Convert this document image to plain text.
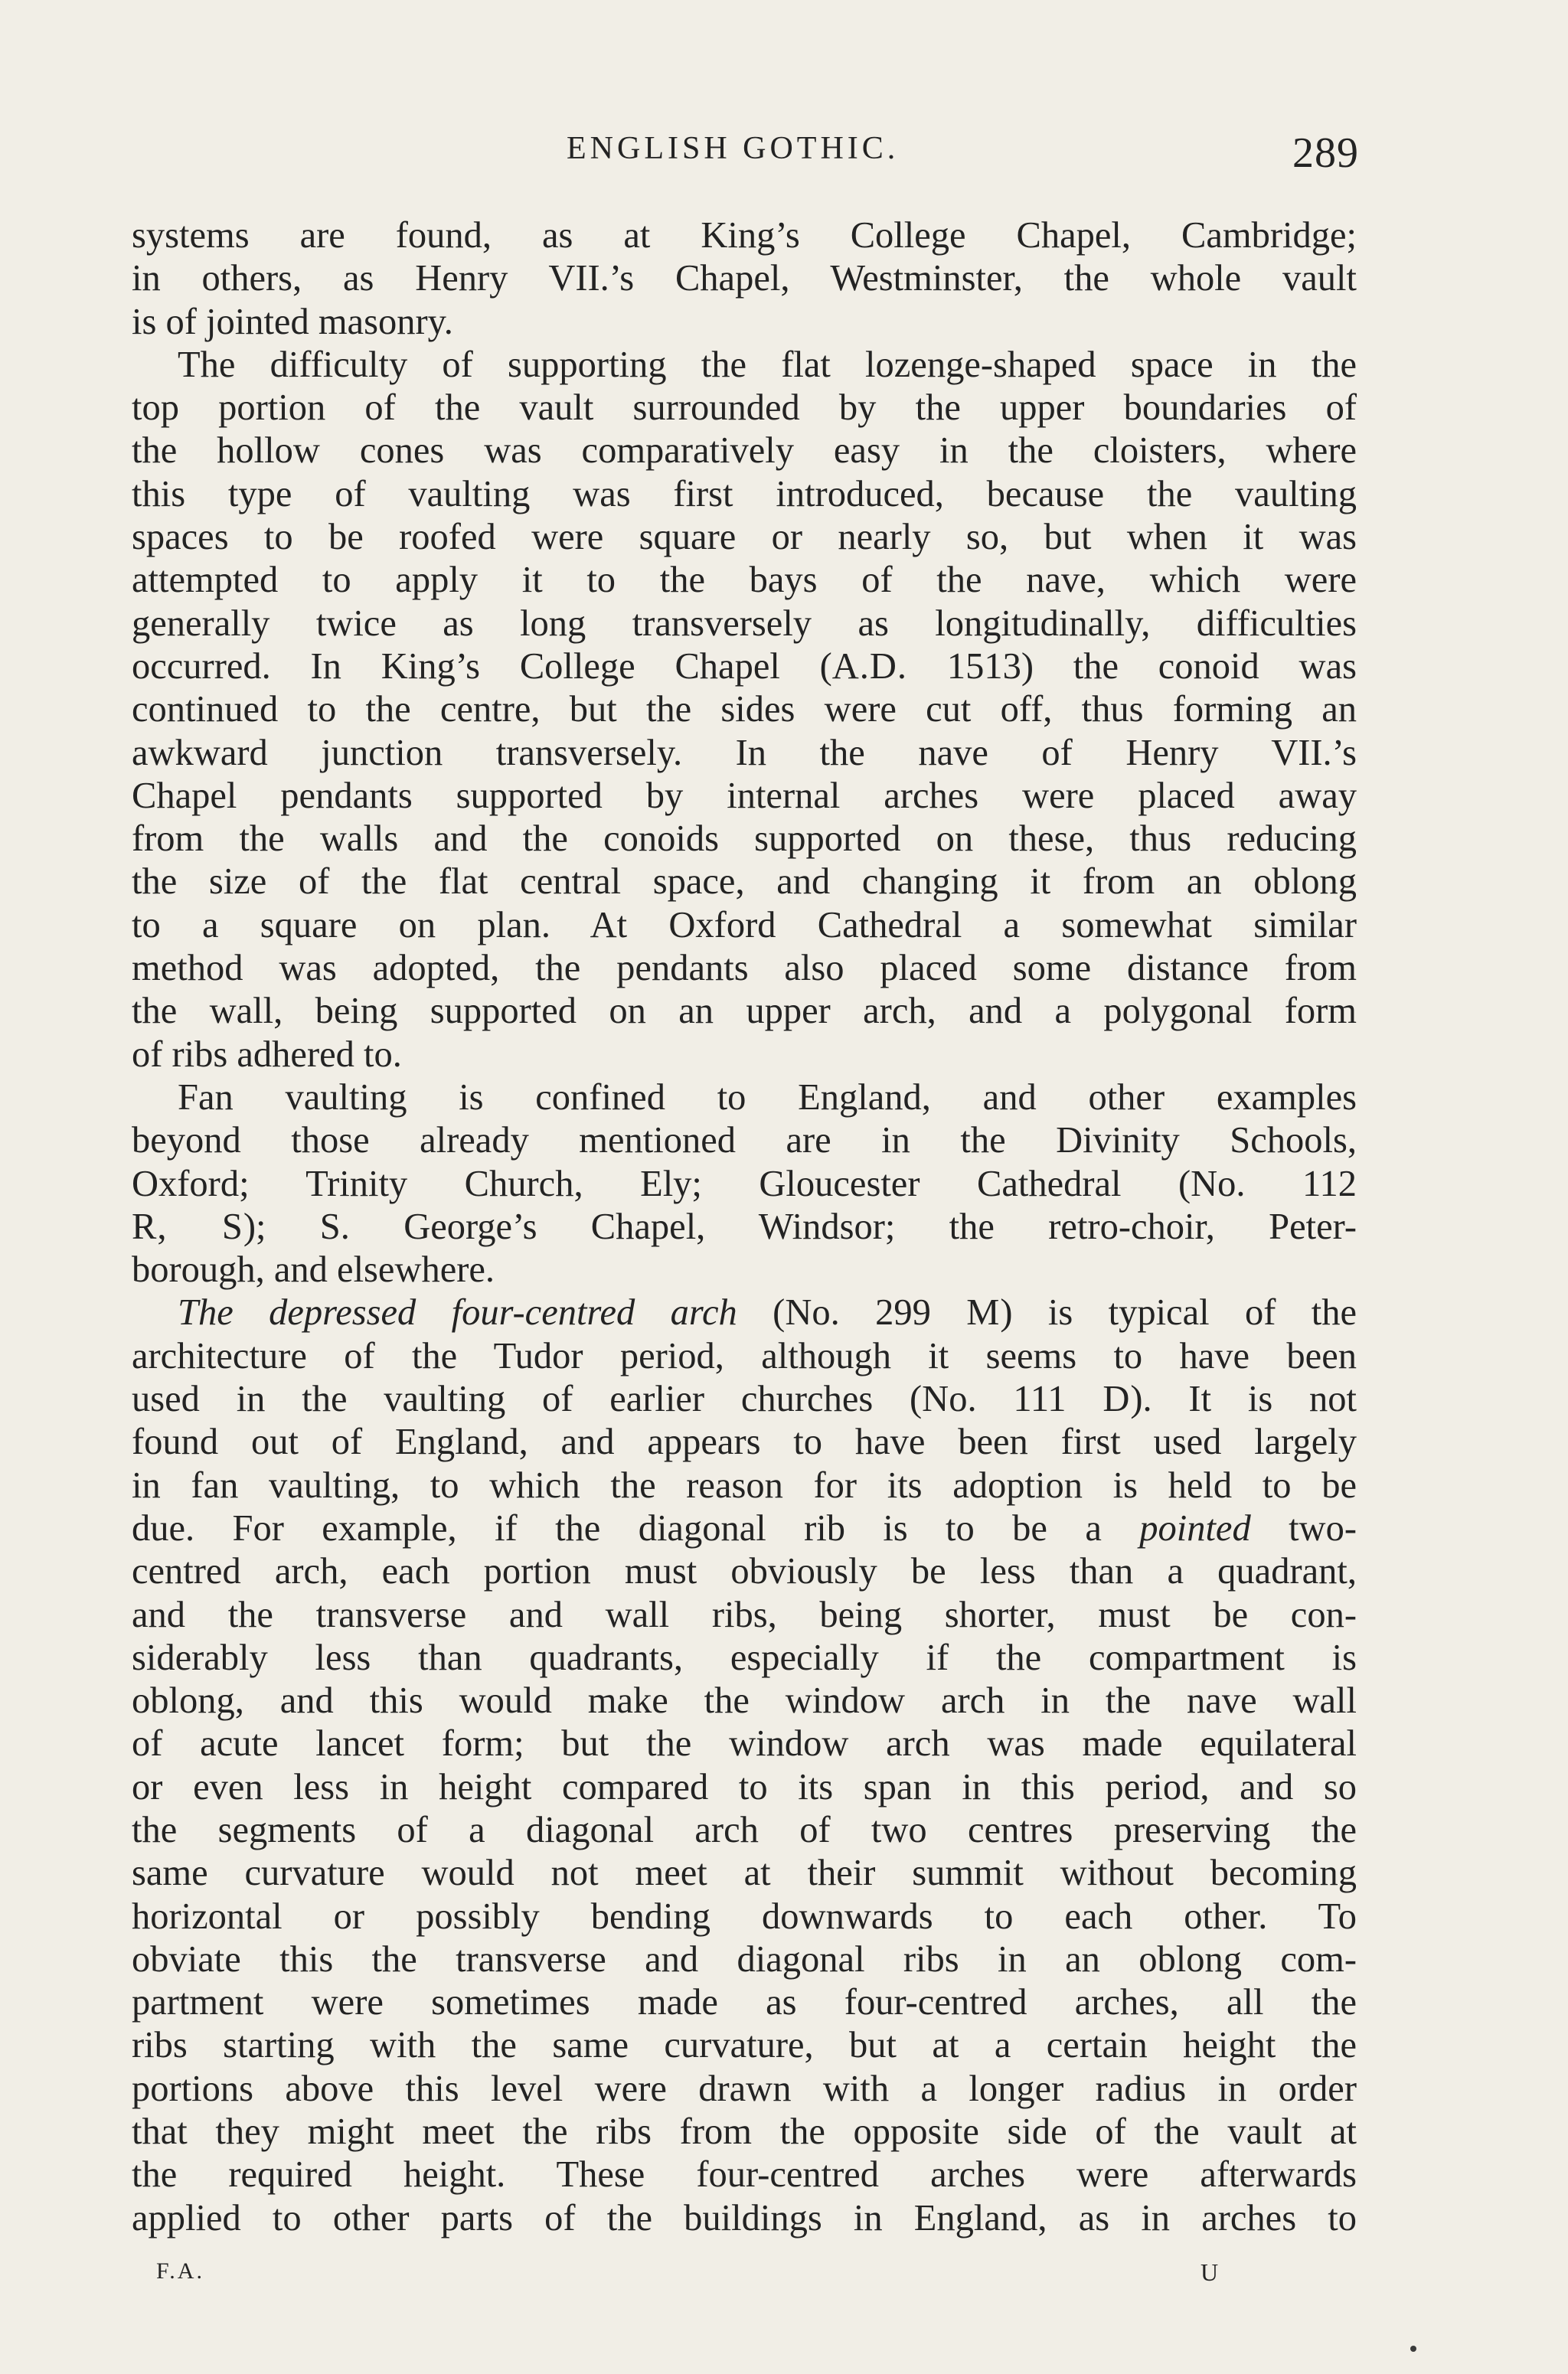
ENGLISH GOTHIC.	289
systems are found, as at King’s College Chapel, Cambridge;
in others, as Henry VII.’s Chapel, Westminster, the whole vault
is of jointed masonry.
The difficulty of supporting the flat lozenge-shaped space in the
top portion of the vault surrounded by the upper boundaries of
the hollow cones was comparatively easy in the cloisters, where
this type of vaulting was first introduced, because the vaulting
spaces to be roofed were square or nearly so, but when it was
attempted to apply it to the bays of the nave, which were
generally twice as long transversely as longitudinally, difficulties
occurred. In King’s College Chapel (A.D. 1513) the conoid was
continued to the centre, but the sides were cut off, thus forming an
awkward junction transversely. In the nave of Henry VII.’s
Chapel pendants supported by internal arches were placed away
from the walls and the conoids supported on these, thus reducing
the size of the flat central space, and changing it from an oblong
to a square on plan. At Oxford Cathedral a somewhat similar
method was adopted, the pendants also placed some distance from
the wall, being supported on an upper arch, and a polygonal form
of ribs adhered to.
Fan vaulting is confined to England, and other examples
beyond those already mentioned are in the Divinity Schools,
Oxford; Trinity Church, Ely; Gloucester Cathedral (No. 112
R, S); S. George’s Chapel, Windsor; the retro-choir, Peter-
borough, and elsewhere.
The depressed four-centred arch (No. 299 M) is typical of the
architecture of the Tudor period, although it seems to have been
used in the vaulting of earlier churches (No. 111 D). It is not
found out of England, and appears to have been first used largely
in fan vaulting, to which the reason for its adoption is held to be
due. For example, if the diagonal rib is to be a pointed two-
centred arch, each portion must obviously be less than a quadrant,
and the transverse and wall ribs, being shorter, must be con-
siderably less than quadrants, especially if the compartment is
oblong, and this would make the window arch in the nave wall
of acute lancet form; but the window arch was made equilateral
or even less in height compared to its span in this period, and so
the segments of a diagonal arch of two centres preserving the
same curvature would not meet at their summit without becoming
horizontal or possibly bending downwards to each other. To
obviate this the transverse and diagonal ribs in an oblong com-
partment were sometimes made as four-centred arches, all the
ribs starting with the same curvature, but at a certain height the
portions above this level were drawn with a longer radius in order
that they might meet the ribs from the opposite side of the vault at
the required height. These four-centred arches were afterwards
applied to other parts of the buildings in England, as in arches to
F.A.	U
